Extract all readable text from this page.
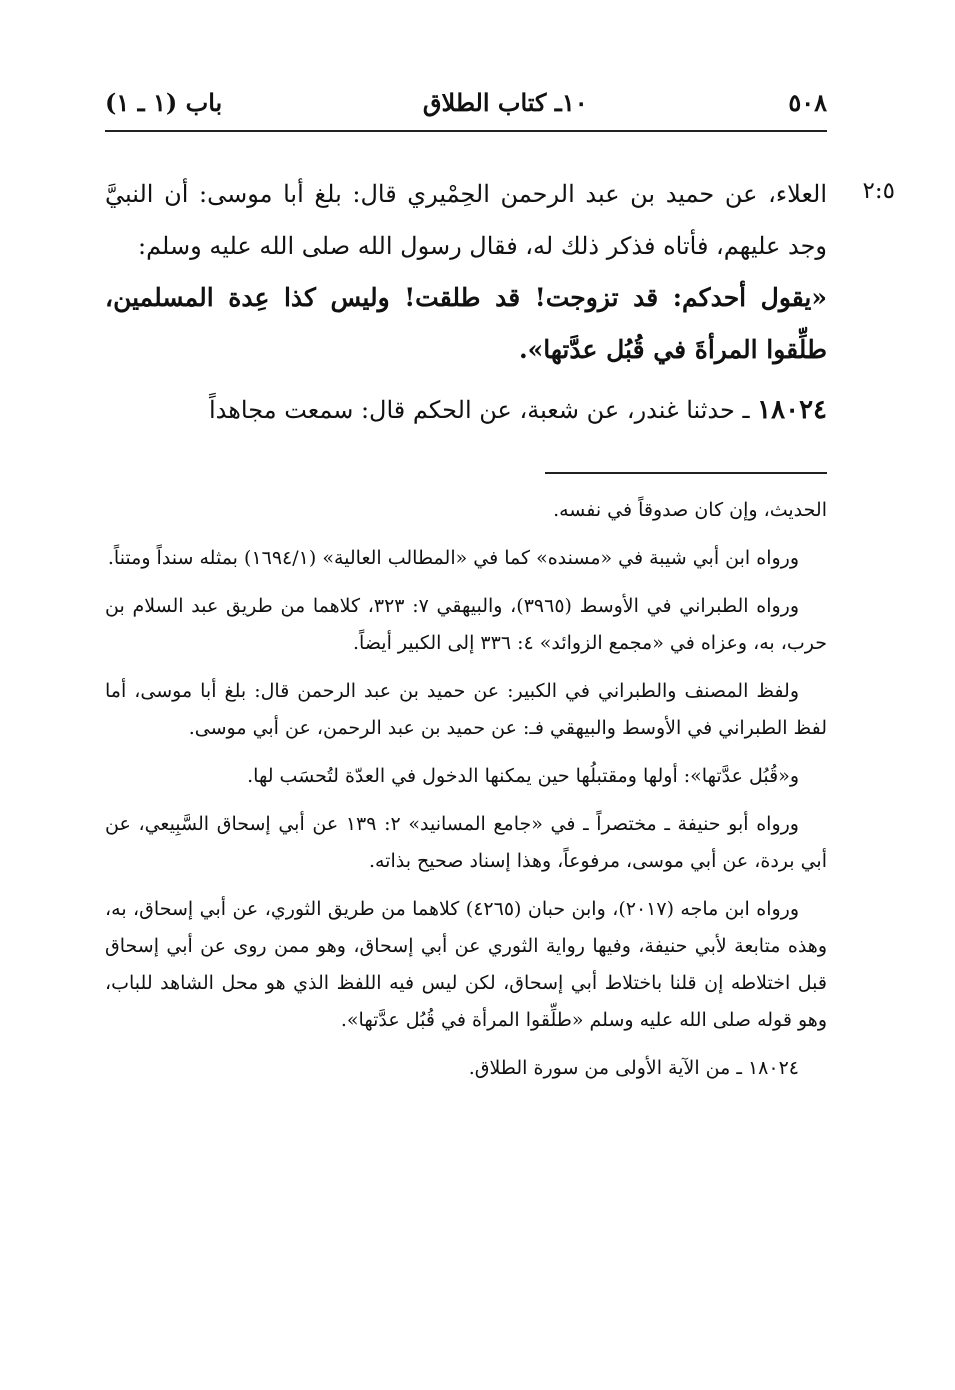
٥٠٨
١٠ـ كتاب الطلاق
باب (١ ـ ١)
٢:٥

العلاء، عن حميد بن عبد الرحمن الحِمْيري قال: بلغ أبا موسى: أن النبيَّ وجد عليهم، فأتاه فذكر ذلك له، فقال رسول الله صلى الله عليه وسلم:

«يقول أحدكم: قد تزوجت! قد طلقت! وليس كذا عِدة المسلمين، طلِّقوا المرأةَ في قُبُل عدَّتها».

١٨٠٢٤ ـ حدثنا غندر، عن شعبة، عن الحكم قال: سمعت مجاهداً

الحديث، وإن كان صدوقاً في نفسه.

ورواه ابن أبي شيبة في «مسنده» كما في «المطالب العالية» (١٦٩٤/١) بمثله سنداً ومتناً.

ورواه الطبراني في الأوسط (٣٩٦٥)، والبيهقي ٧: ٣٢٣، كلاهما من طريق عبد السلام بن حرب، به، وعزاه في «مجمع الزوائد» ٤: ٣٣٦ إلى الكبير أيضاً.

ولفظ المصنف والطبراني في الكبير: عن حميد بن عبد الرحمن قال: بلغ أبا موسى، أما لفظ الطبراني في الأوسط والبيهقي فـ: عن حميد بن عبد الرحمن، عن أبي موسى.

و«قُبُل عدَّتها»: أولها ومقتبلُها حين يمكنها الدخول في العدّة لتُحسَب لها.

ورواه أبو حنيفة ـ مختصراً ـ في «جامع المسانيد» ٢: ١٣٩ عن أبي إسحاق السَّبِيعي، عن أبي بردة، عن أبي موسى، مرفوعاً، وهذا إسناد صحيح بذاته.

ورواه ابن ماجه (٢٠١٧)، وابن حبان (٤٢٦٥) كلاهما من طريق الثوري، عن أبي إسحاق، به، وهذه متابعة لأبي حنيفة، وفيها رواية الثوري عن أبي إسحاق، وهو ممن روى عن أبي إسحاق قبل اختلاطه إن قلنا باختلاط أبي إسحاق، لكن ليس فيه اللفظ الذي هو محل الشاهد للباب، وهو قوله صلى الله عليه وسلم «طلِّقوا المرأة في قُبُل عدَّتها».

١٨٠٢٤ ـ من الآية الأولى من سورة الطلاق.
